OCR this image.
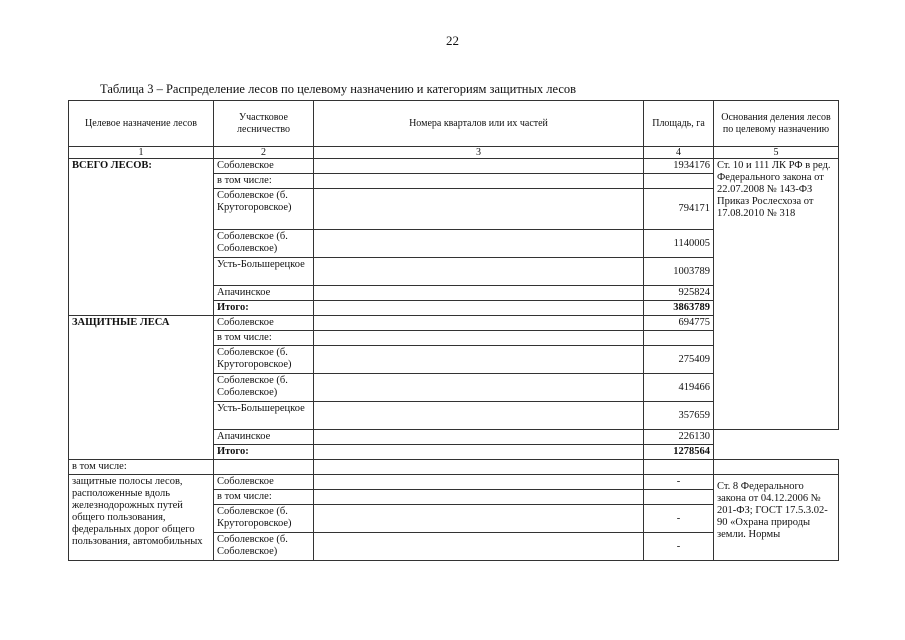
22
Таблица 3 – Распределение лесов по целевому назначению и категориям защитных лесов
Целевое назначение лесов	Участковое лесничество	Номера кварталов или их частей	Площадь, га	Основания деления лесов по целевому назначению
1	2	3	4	5
ВСЕГО ЛЕСОВ:	Соболевское		1934176	Ст. 10 и 111 ЛК РФ в ред. Федерального закона от 22.07.2008 № 143-ФЗ Приказ Рослесхоза от 17.08.2010 № 318
	в том числе:			
	Соболевское (б. Крутогоровское)		794171	
	Соболевское (б. Соболевское)		1140005	
	Усть-Большерецкое		1003789	
	Апачинское		925824	
	Итого:		3863789	
ЗАЩИТНЫЕ ЛЕСА	Соболевское		694775	
	в том числе:			
	Соболевское (б. Крутогоровское)		275409	
	Соболевское (б. Соболевское)		419466	
	Усть-Большерецкое		357659	
	Апачинское		226130	
	Итого:		1278564	
в том числе:				
защитные полосы лесов, расположенные вдоль железнодорожных путей общего пользования, федеральных дорог общего пользования, автомобильных	Соболевское		-	Ст. 8 Федерального закона от 04.12.2006 № 201-ФЗ; ГОСТ 17.5.3.02-90 «Охрана природы земли. Нормы
	в том числе:			
	Соболевское (б. Крутогоровское)		-	
	Соболевское (б. Соболевское)		-	
